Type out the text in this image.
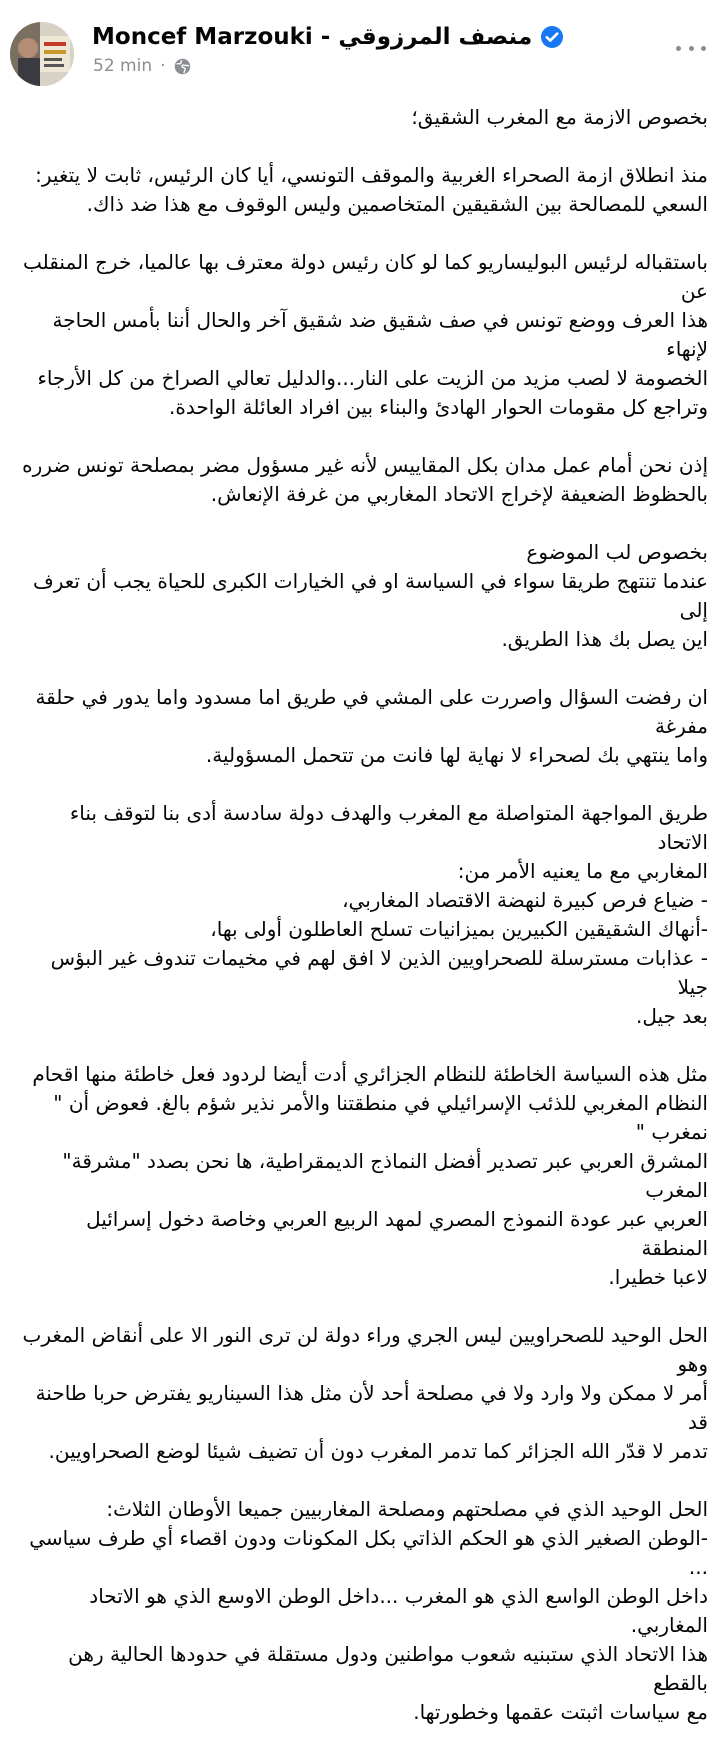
Moncef Marzouki - منصف المرزوقي
52 min ·

بخصوص الازمة مع المغرب الشقيق؛

منذ انطلاق ازمة الصحراء الغربية والموقف التونسي، أيا كان الرئيس، ثابت لا يتغير:
السعي للمصالحة بين الشقيقين المتخاصمين وليس الوقوف مع هذا ضد ذاك.

باستقباله لرئيس البوليساريو كما لو كان رئيس دولة معترف بها عالميا، خرج المنقلب عن
هذا العرف ووضع تونس في صف شقيق ضد شقيق آخر والحال أننا بأمس الحاجة لإنهاء
الخصومة لا لصب مزيد من الزيت على النار...والدليل تعالي الصراخ من كل الأرجاء
وتراجع كل مقومات الحوار الهادئ والبناء بين افراد العائلة الواحدة.

إذن نحن أمام عمل مدان بكل المقاييس لأنه غير مسؤول مضر بمصلحة تونس ضرره
بالحظوظ الضعيفة لإخراج الاتحاد المغاربي من غرفة الإنعاش.

بخصوص لب الموضوع
عندما تنتهج طريقا سواء في السياسة او في الخيارات الكبرى للحياة يجب أن تعرف إلى
اين يصل بك هذا الطريق.

ان رفضت السؤال واصررت على المشي في طريق اما مسدود واما يدور في حلقة مفرغة
واما ينتهي بك لصحراء لا نهاية لها فانت من تتحمل المسؤولية.

طريق المواجهة المتواصلة مع المغرب والهدف دولة سادسة أدى بنا لتوقف بناء الاتحاد
المغاربي مع ما يعنيه الأمر من:
- ضياع فرص كبيرة لنهضة الاقتصاد المغاربي،
-أنهاك الشقيقين الكبيرين بميزانيات تسلح العاطلون أولى بها،
- عذابات مسترسلة للصحراويين الذين لا افق لهم في مخيمات تندوف غير البؤس جيلا
بعد جيل.

مثل هذه السياسة الخاطئة للنظام الجزائري أدت أيضا لردود فعل خاطئة منها اقحام
النظام المغربي للذئب الإسرائيلي في منطقتنا والأمر نذير شؤم بالغ. فعوض أن " نمغرب "
المشرق العربي عبر تصدير أفضل النماذج الديمقراطية، ها نحن بصدد "مشرقة" المغرب
العربي عبر عودة النموذج المصري لمهد الربيع العربي وخاصة دخول إسرائيل المنطقة
لاعبا خطيرا.

الحل الوحيد للصحراويين ليس الجري وراء دولة لن ترى النور الا على أنقاض المغرب وهو
أمر لا ممكن ولا وارد ولا في مصلحة أحد لأن مثل هذا السيناريو يفترض حربا طاحنة قد
تدمر لا قدّر الله الجزائر كما تدمر المغرب دون أن تضيف شيئا لوضع الصحراويين.

الحل الوحيد الذي في مصلحتهم ومصلحة المغاربيين جميعا الأوطان الثلاث:
-الوطن الصغير الذي هو الحكم الذاتي بكل المكونات ودون اقصاء أي طرف سياسي ...
داخل الوطن الواسع الذي هو المغرب ...داخل الوطن الاوسع الذي هو الاتحاد المغاربي.
هذا الاتحاد الذي ستبنيه شعوب مواطنين ودول مستقلة في حدودها الحالية رهن بالقطع
مع سياسات اثبتت عقمها وخطورتها.
